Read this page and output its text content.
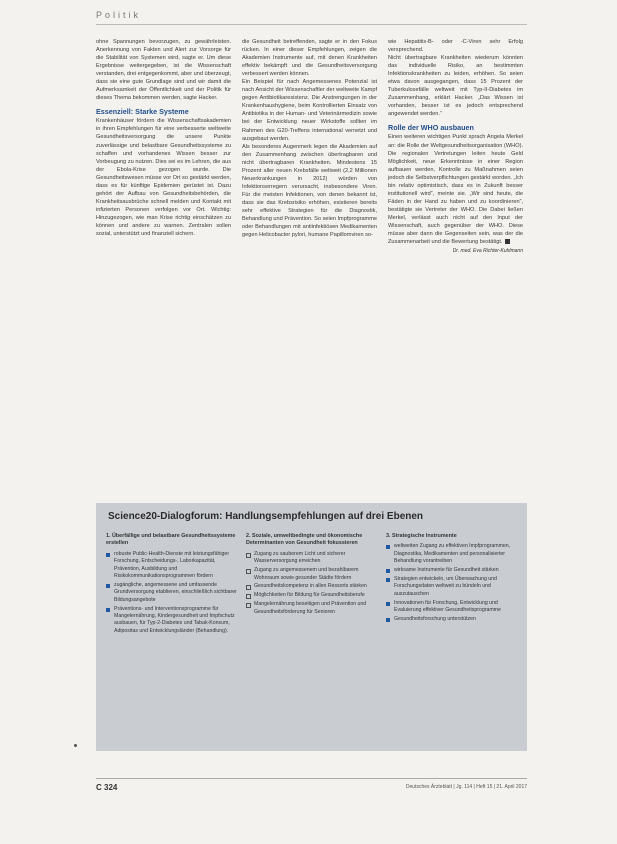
Politik

ohne Spannungen bevorzugen, zu gewährleisten. Anerkennung von Fakten und Alert zur Vorsorge für die Stabilität von Systemen wird, sagte er. Um diese Ergebnisse weitergegeben, ist die Wissenschaft verstanden, drei entgegenkommt, aber und überzeugt, dass sie eine gute Grundlage sind und wir damit die Aufmerksamkeit der Öffentlichkeit und der Politik für dieses Thema bekommen werden, sagte Hacker.

Essenziell: Starke Systeme

Krankenhäuser fördern die Wissenschaftsakademien in ihren Empfehlungen für eine verbesserte weltweite Gesundheitsversorgung die unsere Punkte zuverlässige und belastbare Gesundheitssysteme zu schaffen und vorhandenes Wissen besser zur Vorbeugung zu nutzen. Dies sei es im Lehren, die aus der Ebola-Krise gezogen wurde. Die Gesundheitswesen müsse vor Ort so gestärkt werden, dass es für künftige Epidemien gerüstet ist. Dazu gehört der Aufbau von Gesundheitsbehörden, die Krankheitsausbrüche schnell melden und Kontakt mit infizierten Personen verfolgen vor Ort. Wichtig: Hinzugezogen, wie man Krise richtig einschätzen zu können und andere zu warnen. Zentralen sollen sozial, unterstützt und finanziell sichern.

die Gesundheit betreffenden, sagte er in den Fokus rücken. In einer dieser Empfehlungen, zeigen die Akademien Instrumente auf, mit denen Krankheiten effektiv bekämpft und die Gesundheitsversorgung verbessert werden können.

Ein Beispiel für nach Angemessenes Potenzial ist nach Ansicht der Wissenschaftler der weltweite Kampf gegen Antibiotikaresistenz. Die Anstrengungen in der Krankenhaushygiene, beim Kontrollierten Einsatz von Antibiotika in der Human- und Veterinärmedizin sowie bei der Entwicklung neuer Wirkstoffe sollten im Rahmen des G20-Treffens international vernetzt und ausgebaut werden.

Als besonderes Augenmerk legen die Akademien auf den Zusammenhang zwischen übertragbaren und nicht übertragbaren Krankheiten. Mindestens 15 Prozent aller neuen Krebsfälle weltweit (2,2 Millionen Neuerkrankungen in 2012) würden von Infektionserregern verursacht, insbesondere Viren. Für die meisten Infektionen, von denen bekannt ist, dass sie das Krebsrisiko erhöhen, existieren bereits sehr effektive Strategien für die Diagnostik, Behandlung und Prävention. So seien Impfprogramme oder Behandlungen mit antiinfektiösen Medikamenten gegen Helicobacter pylori, humane Papillomviren so-

wie Hepatitis-B- oder -C-Viren sehr Erfolg versprechend.

Nicht übertragbare Krankheiten wiederum könnten das individuelle Risiko, an bestimmten Infektionskrankheiten zu leiden, erhöhen. So seien etwa davon ausgegangen, dass 15 Prozent der Tuberkulosefälle weltweit mit Typ-II-Diabetes im Zusammenhang, erklärt Hacker. „Das Wissen ist vorhanden, besser ist es jedoch entsprechend angewendet werden.“

Rolle der WHO ausbauen

Einen weiteren wichtigen Punkt sprach Angela Merkel an: die Rolle der Weltgesundheitsorganisation (WHO). Die regionalen Vertretungen leiten heute Geld Möglichkeit, neue Erkenntnisse in einer Region aufbauen werden, Kontrolle zu Maßnahmen seien jedoch die Selbstverpflichtungen gestärkt worden. „Ich bin relativ optimistisch, dass es in Zukunft besser institutionell wird“, meinte sie. „Wir sind heute, die Fäden in der Hand zu haben und zu koordinieren“, bestätigte sie Vertreter der WHO. Die Dabei ließen Merkel, verlässt auch nicht auf den Input der Wissenschaft, auch gegenüber der WHO. Diese müsse aber dann die Gegenseiten sein, was der die Zusammenarbeit und die Bewertung bestätigt.

Dr. med. Eva Richter-Kuhlmann
Science20-Dialogforum: Handlungsempfehlungen auf drei Ebenen
1. Überfällige und belastbare Gesundheitssysteme erstellen
robuste Public-Health-Dienste mit leistungsfähiger Forschung, Entscheidungs-, Laborkapazität, Prävention, Ausbildung und Risikokommunikationsprogrammen fördern
zugängliche, angemessene und umfassende Grundversorgung etablieren, einschließlich sichtbarer Bildungsangebote
Präventions- und Interventionsprogramme für Mangelernährung, Kindergesundheit und Impfschutz ausbauen, für Typ-2-Diabetes und Tabak-Konsum, Adipositas und Entwicklungsländer (Behandlung).
2. Soziale, umweltbedingte und ökonomische Determinanten von Gesundheit fokussieren
Zugang zu sauberem Licht und sicherer Wasserversorgung erreichen
Zugang zu angemessenem und bezahlbarem Wohnraum sowie gesunder Städte fördern
Gesundheitskompetenz in allen Ressorts stärken
Möglichkeiten für Bildung für Gesundheitsberufe
Mangelernährung beseitigen und Prävention und Gesundheitsförderung für Senioren
3. Strategische Instrumente
weltweiten Zugang zu effektiven Impfprogrammen, Diagnostika, Medikamenten und personalisierter Behandlung vorantreiben
wirksame Instrumente für Gesundheit stärken
Strategien entwickeln, um Überwachung und Forschungsdaten weltweit zu bündeln und auszutauschen
Innovationen für Forschung, Entwicklung und Evaluierung effektiver Gesundheitsprogramme
Gesundheitsforschung unterstützen
C 324	Deutsches Ärzteblatt | Jg. 114 | Heft 15 | 21. April 2017
